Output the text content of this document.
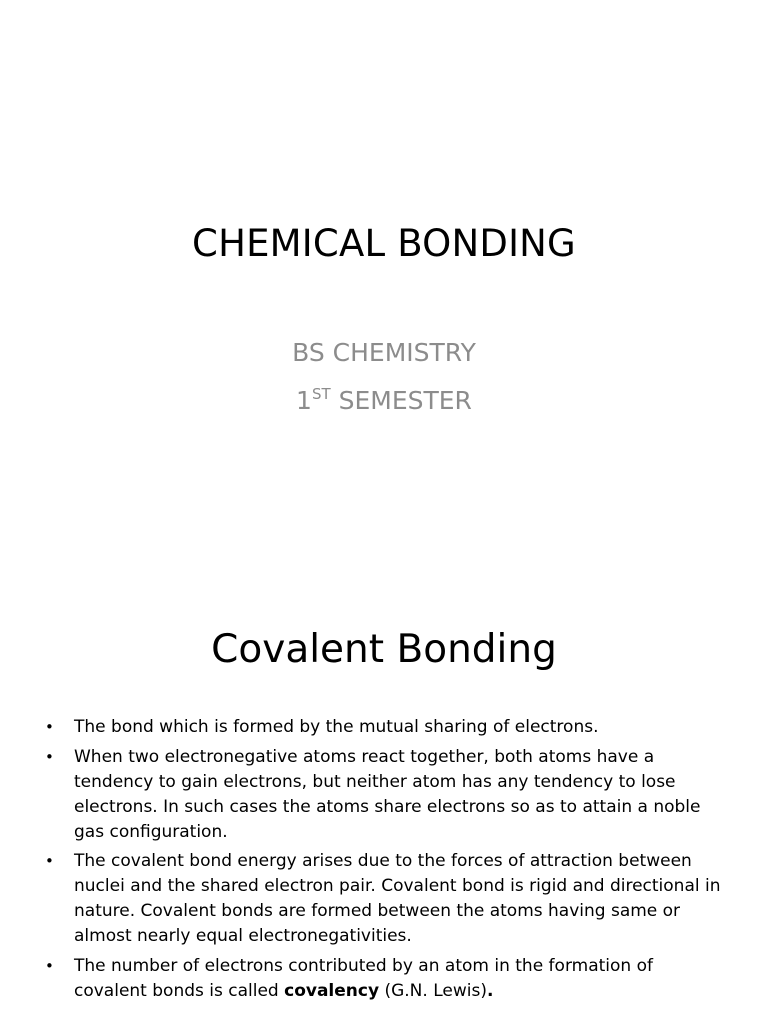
CHEMICAL BONDING

BS CHEMISTRY

1ST SEMESTER

Covalent Bonding
• The bond which is formed by the mutual sharing of electrons.
• When two electronegative atoms react together, both atoms have a tendency to gain electrons, but neither atom has any tendency to lose electrons. In such cases the atoms share electrons so as to attain a noble gas configuration.
• The covalent bond energy arises due to the forces of attraction between nuclei and the shared electron pair. Covalent bond is rigid and directional in nature. Covalent bonds are formed between the atoms having same or almost nearly equal electronegativities.
• The number of electrons contributed by an atom in the formation of covalent bonds is called covalency (G.N. Lewis).
